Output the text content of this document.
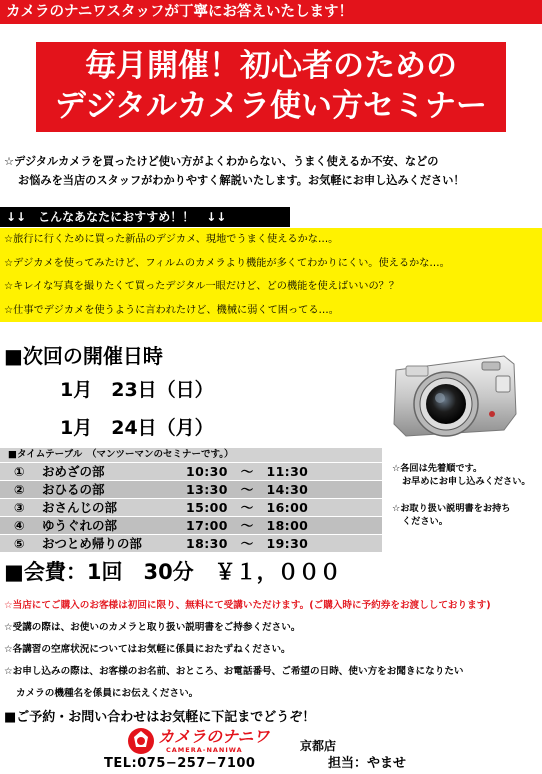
カメラのナニワスタッフが丁寧にお答えいたします！
毎月開催！初心者のための
デジタルカメラ使い方セミナー
☆デジタルカメラを買ったけど使い方がよくわからない、うまく使えるか不安、などの
お悩みを当店のスタッフがわかりやすく解説いたします。お気軽にお申し込みください！
↓↓　こんなあなたにおすすめ！！　↓↓
☆旅行に行くために買った新品のデジカメ、現地でうまく使えるかな…。
☆デジカメを使ってみたけど、フィルムのカメラより機能が多くてわかりにくい。使えるかな…。
☆キレイな写真を撮りたくて買ったデジタル一眼だけど、どの機能を使えばいいの？？
☆仕事でデジカメを使うように言われたけど、機械に弱くて困ってる…。
■次回の開催日時
1月　23日（日）
1月　24日（月）
■タイムテーブル　（マンツーマンのセミナーです。）
① おめざの部	10:30　～　11:30
② おひるの部	13:30　～　14:30
③ おさんじの部	15:00　～　16:00
④ ゆうぐれの部	17:00　～　18:00
⑤ おつとめ帰りの部	18:30　～　19:30
☆各回は先着順です。
お早めにお申し込みください。
☆お取り扱い説明書をお持ち
ください。
■会費：1回　30分　￥１，０００
☆当店にてご購入のお客様は初回に限り、無料にて受講いただけます。(ご購入時に予約券をお渡ししております)
☆受講の際は、お使いのカメラと取り扱い説明書をご持参ください。
☆各講習の空席状況についてはお気軽に係員におたずねください。
☆お申し込みの際は、お客様のお名前、おところ、お電話番号、ご希望の日時、使い方をお聞きになりたい
カメラの機種名を係員にお伝えください。
■ご予約・お問い合わせはお気軽に下記までどうぞ！
カメラのナニワ
CAMERA-NANIWA	京都店
TEL:075−257−7100	担当：やませ
